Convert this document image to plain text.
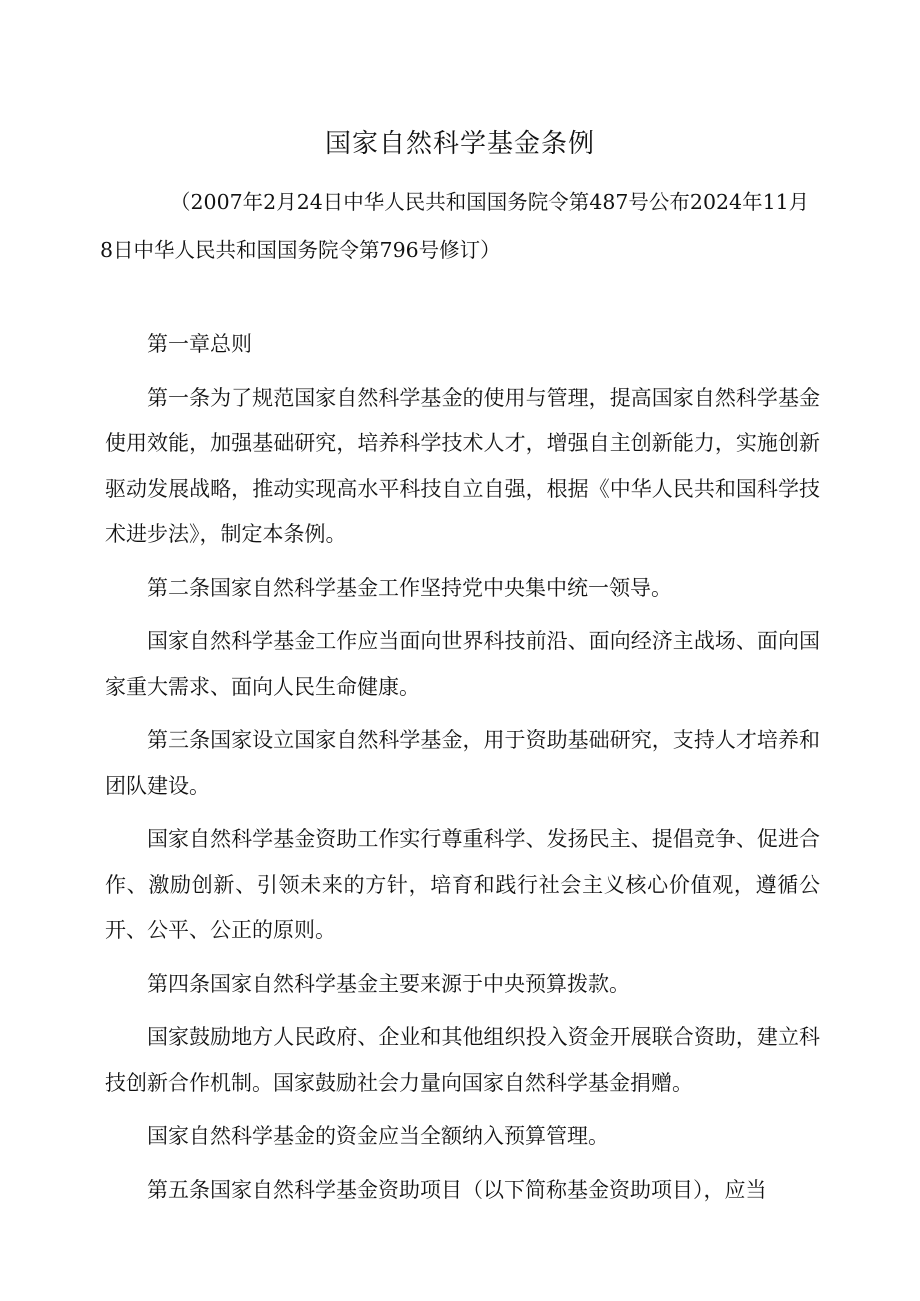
国家自然科学基金条例
（2007年2月24日中华人民共和国国务院令第487号公布2024年11月8日中华人民共和国国务院令第796号修订）

第一章总则

第一条为了规范国家自然科学基金的使用与管理，提高国家自然科学基金使用效能，加强基础研究，培养科学技术人才，增强自主创新能力，实施创新驱动发展战略，推动实现高水平科技自立自强，根据《中华人民共和国科学技术进步法》，制定本条例。

第二条国家自然科学基金工作坚持党中央集中统一领导。

国家自然科学基金工作应当面向世界科技前沿、面向经济主战场、面向国家重大需求、面向人民生命健康。

第三条国家设立国家自然科学基金，用于资助基础研究，支持人才培养和团队建设。

国家自然科学基金资助工作实行尊重科学、发扬民主、提倡竞争、促进合作、激励创新、引领未来的方针，培育和践行社会主义核心价值观，遵循公开、公平、公正的原则。

第四条国家自然科学基金主要来源于中央预算拨款。

国家鼓励地方人民政府、企业和其他组织投入资金开展联合资助，建立科技创新合作机制。国家鼓励社会力量向国家自然科学基金捐赠。

国家自然科学基金的资金应当全额纳入预算管理。

第五条国家自然科学基金资助项目（以下简称基金资助项目），应当
